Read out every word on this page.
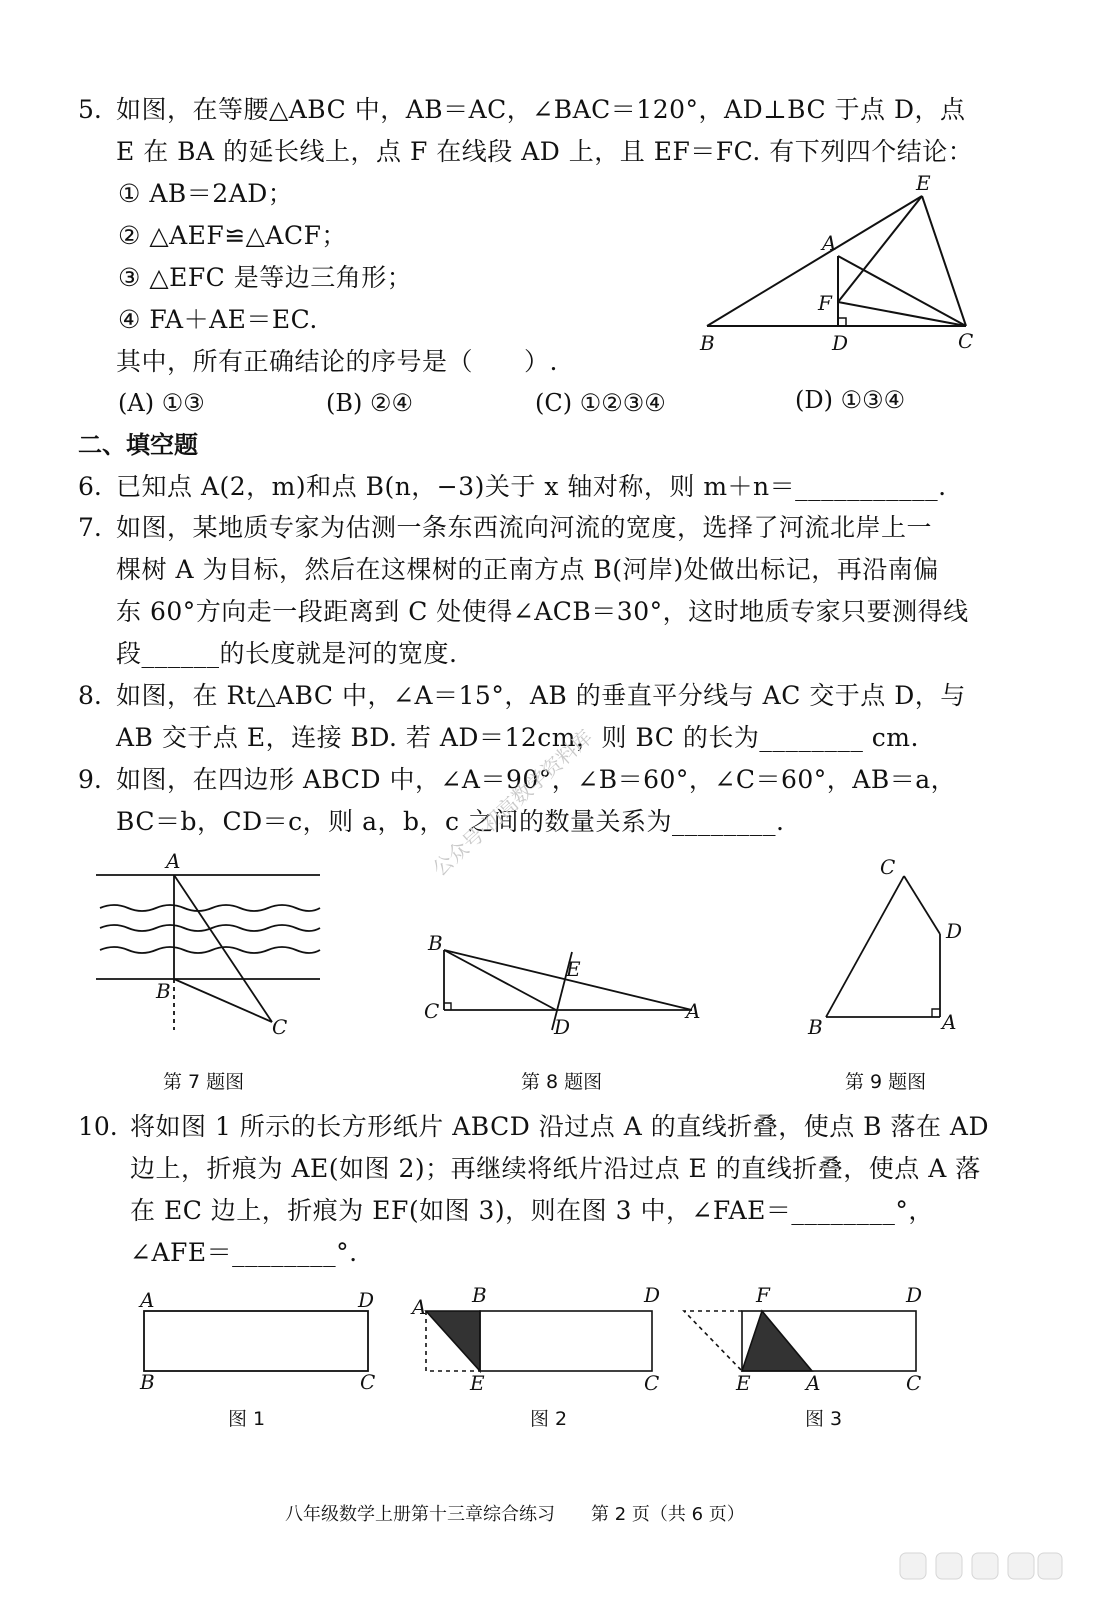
5. 如图，在等腰△ABC 中，AB＝AC，∠BAC＝120°，AD⊥BC 于点 D，点
E 在 BA 的延长线上，点 F 在线段 AD 上，且 EF＝FC. 有下列四个结论：
① AB＝2AD；
② △AEF≌△ACF；
③ △EFC 是等边三角形；
④ FA＋AE＝EC.
其中，所有正确结论的序号是（　　）.
(A) ①③	(B) ②④	(C) ①②③④	(D) ①③④
E
A
F
B	D	C
二、填空题
6. 已知点 A(2，m)和点 B(n，−3)关于 x 轴对称，则 m＋n＝___________.
7. 如图，某地质专家为估测一条东西流向河流的宽度，选择了河流北岸上一
棵树 A 为目标，然后在这棵树的正南方点 B(河岸)处做出标记，再沿南偏
东 60°方向走一段距离到 C 处使得∠ACB＝30°，这时地质专家只要测得线
段______的长度就是河的宽度.
8. 如图，在 Rt△ABC 中，∠A＝15°，AB 的垂直平分线与 AC 交于点 D，与
AB 交于点 E，连接 BD. 若 AD＝12cm，则 BC 的长为________ cm.
9. 如图，在四边形 ABCD 中，∠A＝90°，∠B＝60°，∠C＝60°，AB＝a，
BC＝b，CD＝c，则 a，b，c 之间的数量关系为________.
公众号·初高数学资料库
A
B
C
B
C
D
E
A
C
D
B	A
第 7 题图	第 8 题图	第 9 题图
10. 将如图 1 所示的长方形纸片 ABCD 沿过点 A 的直线折叠，使点 B 落在 AD
边上，折痕为 AE(如图 2)；再继续将纸片沿过点 E 的直线折叠，使点 A 落
在 EC 边上，折痕为 EF(如图 3)，则在图 3 中，∠FAE＝________°，
∠AFE＝________°.
A	D
B	C
A B	D
E	C
F	D
E	A	C
图 1	图 2	图 3
八年级数学上册第十三章综合练习　　第 2 页（共 6 页）
